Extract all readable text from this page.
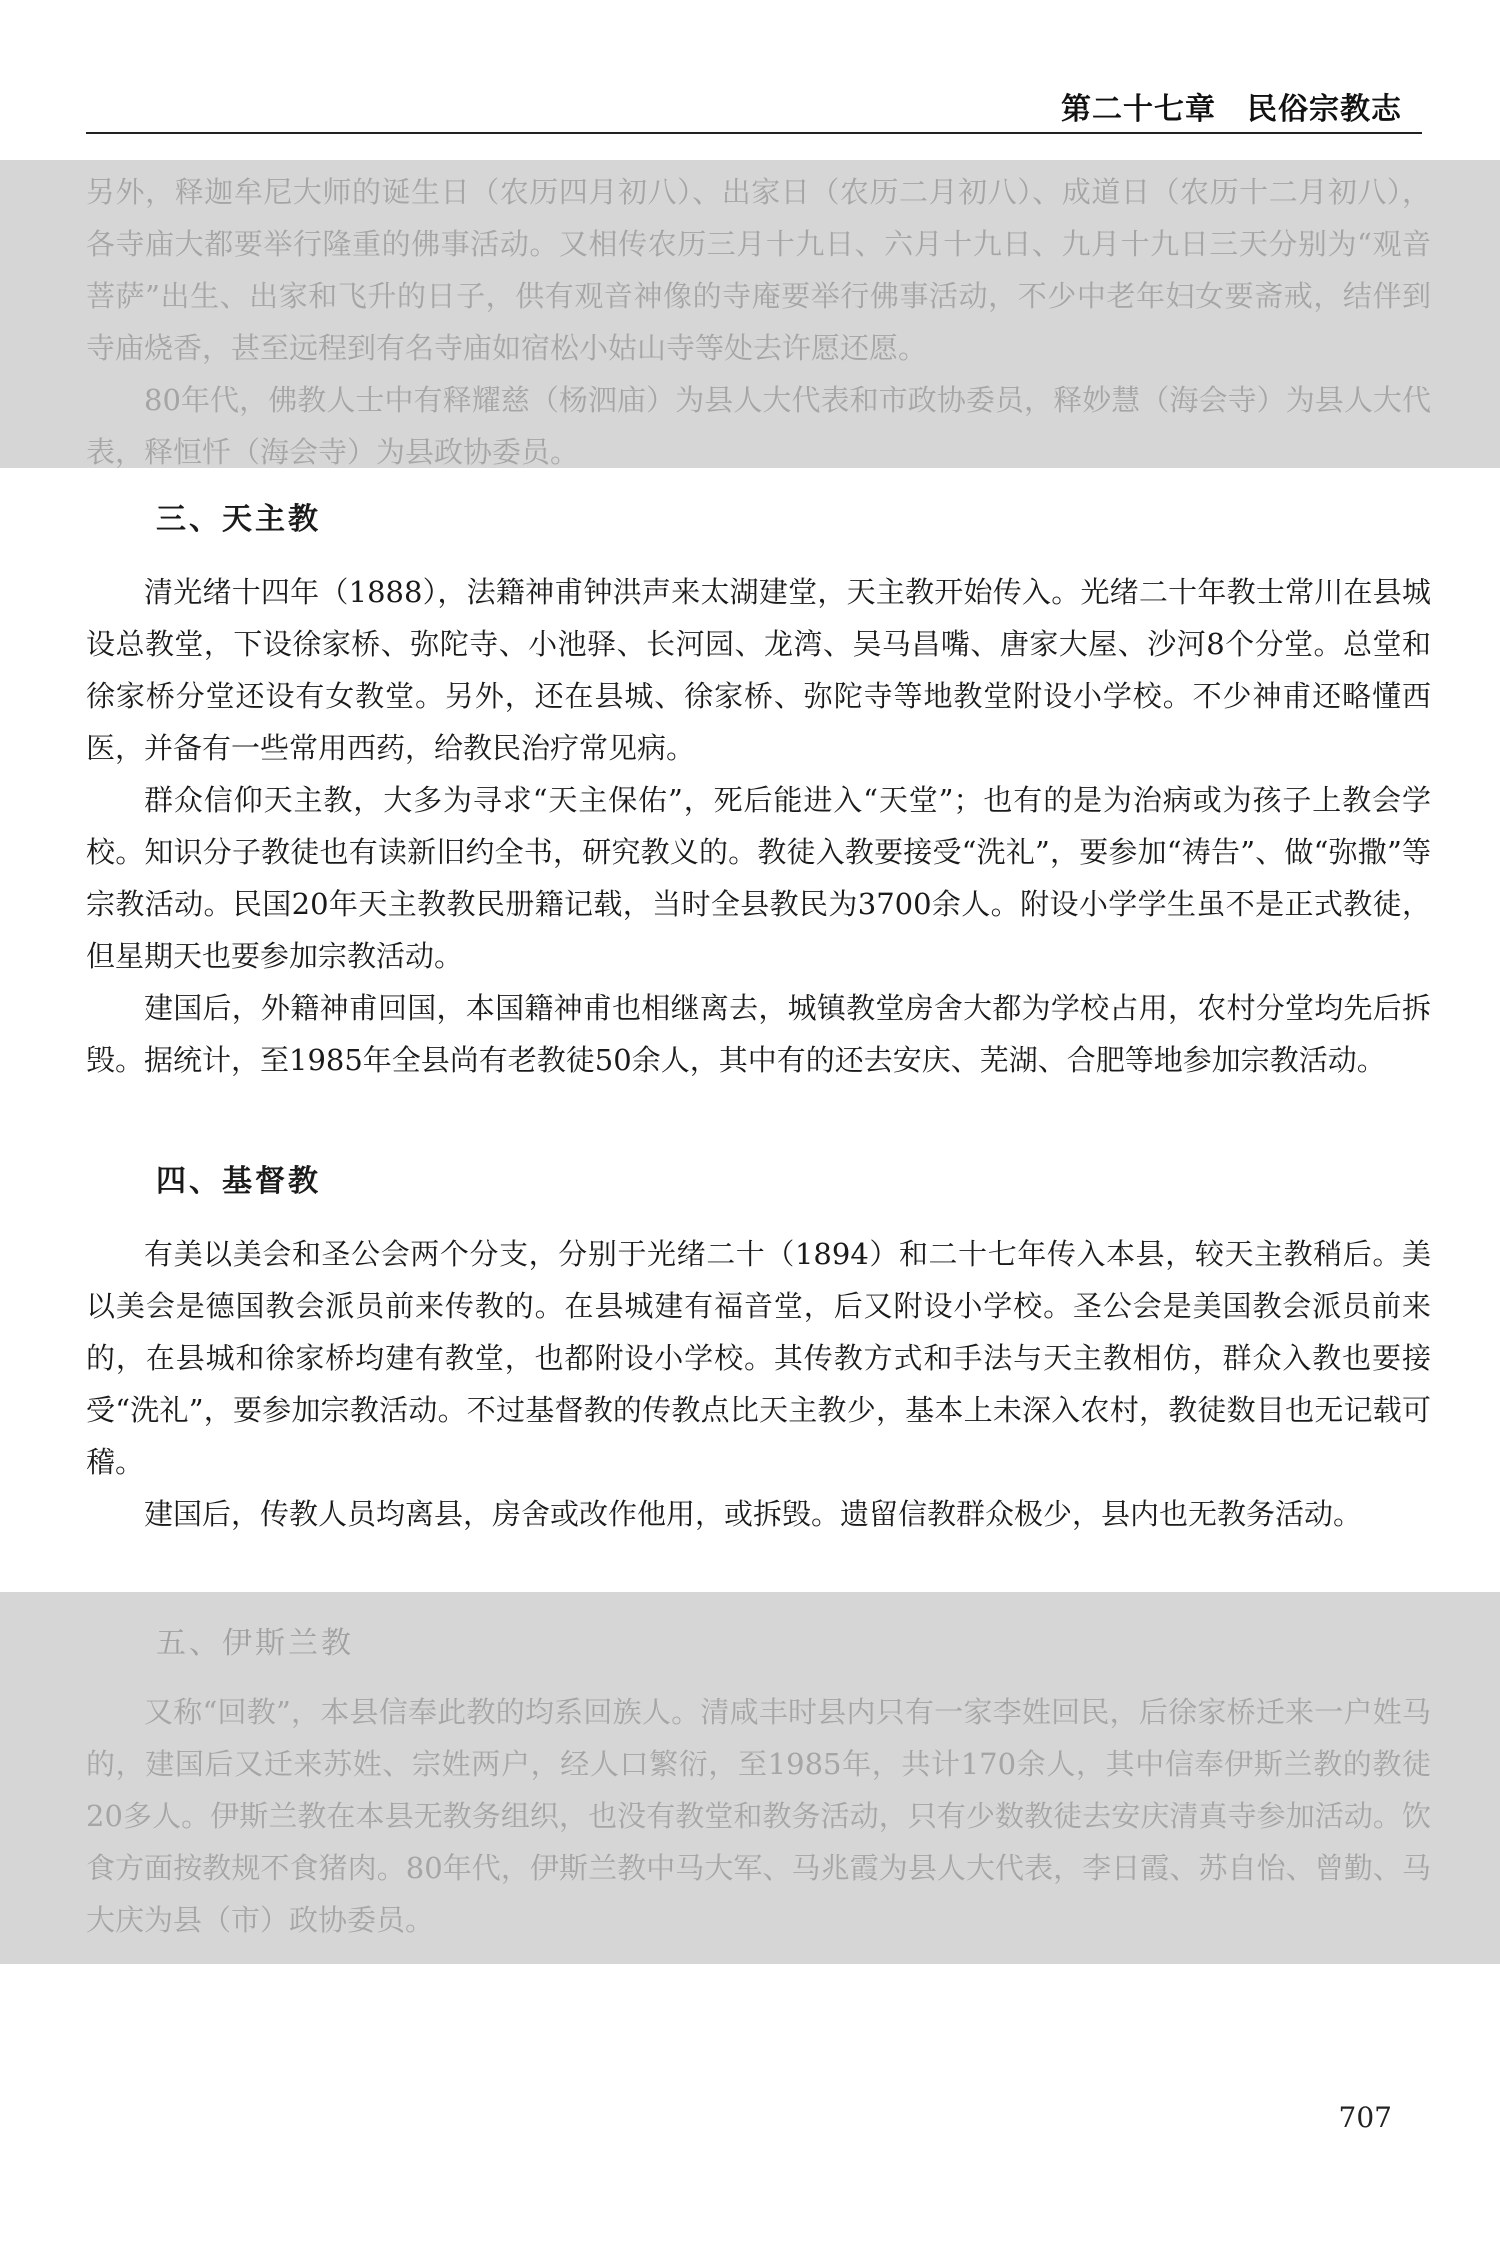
第二十七章　民俗宗教志

另外，释迦牟尼大师的诞生日（农历四月初八）、出家日（农历二月初八）、成道日（农历十二月初八），各寺庙大都要举行隆重的佛事活动。又相传农历三月十九日、六月十九日、九月十九日三天分别为“观音菩萨”出生、出家和飞升的日子，供有观音神像的寺庵要举行佛事活动，不少中老年妇女要斋戒，结伴到寺庙烧香，甚至远程到有名寺庙如宿松小姑山寺等处去许愿还愿。

80年代，佛教人士中有释耀慈（杨泗庙）为县人大代表和市政协委员，释妙慧（海会寺）为县人大代表，释恒忏（海会寺）为县政协委员。

三、天主教

清光绪十四年（1888），法籍神甫钟洪声来太湖建堂，天主教开始传入。光绪二十年教士常川在县城设总教堂，下设徐家桥、弥陀寺、小池驿、长河园、龙湾、吴马昌嘴、唐家大屋、沙河8个分堂。总堂和徐家桥分堂还设有女教堂。另外，还在县城、徐家桥、弥陀寺等地教堂附设小学校。不少神甫还略懂西医，并备有一些常用西药，给教民治疗常见病。

群众信仰天主教，大多为寻求“天主保佑”，死后能进入“天堂”；也有的是为治病或为孩子上教会学校。知识分子教徒也有读新旧约全书，研究教义的。教徒入教要接受“洗礼”，要参加“祷告”、做“弥撒”等宗教活动。民国20年天主教教民册籍记载，当时全县教民为3700余人。附设小学学生虽不是正式教徒，但星期天也要参加宗教活动。

建国后，外籍神甫回国，本国籍神甫也相继离去，城镇教堂房舍大都为学校占用，农村分堂均先后拆毁。据统计，至1985年全县尚有老教徒50余人，其中有的还去安庆、芜湖、合肥等地参加宗教活动。

四、基督教

有美以美会和圣公会两个分支，分别于光绪二十（1894）和二十七年传入本县，较天主教稍后。美以美会是德国教会派员前来传教的。在县城建有福音堂，后又附设小学校。圣公会是美国教会派员前来的，在县城和徐家桥均建有教堂，也都附设小学校。其传教方式和手法与天主教相仿，群众入教也要接受“洗礼”，要参加宗教活动。不过基督教的传教点比天主教少，基本上未深入农村，教徒数目也无记载可稽。

建国后，传教人员均离县，房舍或改作他用，或拆毁。遗留信教群众极少，县内也无教务活动。

五、伊斯兰教

又称“回教”，本县信奉此教的均系回族人。清咸丰时县内只有一家李姓回民，后徐家桥迁来一户姓马的，建国后又迁来苏姓、宗姓两户，经人口繁衍，至1985年，共计170余人，其中信奉伊斯兰教的教徒20多人。伊斯兰教在本县无教务组织，也没有教堂和教务活动，只有少数教徒去安庆清真寺参加活动。饮食方面按教规不食猪肉。80年代，伊斯兰教中马大军、马兆霞为县人大代表，李日霞、苏自怡、曾勤、马大庆为县（市）政协委员。

707
